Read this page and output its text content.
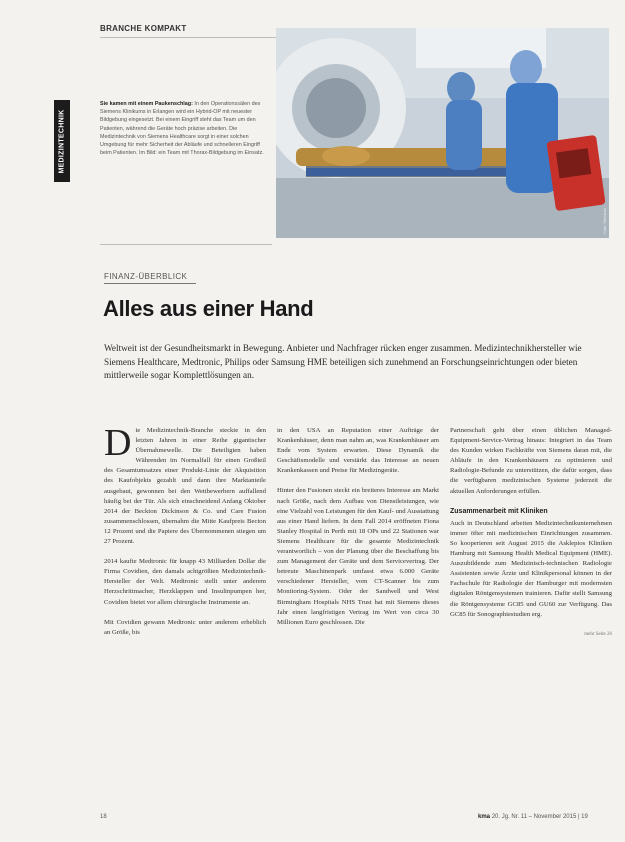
BRANCHE KOMPAKT
MEDIZINTECHNIK
Sie kamen mit einem Paukenschlag: In den Operationssälen des Siemens Klinikums in Erlangen wird ein Hybrid-OP mit neuester Bildgebung eingesetzt. Bei einem Eingriff steht das Team um den Patienten, während die Geräte hoch präzise arbeiten. Die Medizintechnik von Siemens Healthcare sorgt in einer solchen Umgebung für mehr Sicherheit der Abläufe und schnelleren Eingriff beim Patienten. Im Bild: ein Team mit Thorax-Bildgebung im Einsatz.
Foto: Siemens
FINANZ-ÜBERBLICK
Alles aus einer Hand
Weltweit ist der Gesundheitsmarkt in Bewegung. Anbieter und Nachfrager rücken enger zusammen. Medizintechnikhersteller wie Siemens Healthcare, Medtronic, Philips oder Samsung HME beteiligen sich zunehmend an Forschungseinrichtungen oder bieten mittlerweile sogar Komplettlösungen an.

Die Medizintechnik-Branche steckte in den letzten Jahren in einer Reihe gigantischer Übernahmewelle. Die Beteiligten haben Währenden im Normalfall für einen Großteil des Gesamtumsatzes einer Produkt-Linie der Akquisition des Kaufobjekts gezahlt und dann ihre Marktanteile ausgebaut, gewonnen bei den Wettbewerbern auffallend häufig bei der Tür. Als sich einschneidend Anfang Oktober 2014 der Beckton Dickinson & Co. und Care Fusion zusammenschlossen, übernahm die Mitte Kaufpreis Becton 12 Prozent und die Papiere des Übernommenen stiegen um 27 Prozent.

2014 kaufte Medtronic für knapp 43 Milliarden Dollar die Firma Covidien, den damals achtgrößten Medizintechnik-Hersteller der Welt. Medtronic stellt unter anderem Herzschrittmacher, Herzklappen und Insulinpumpen her, Covidien bietet vor allem chirurgische Instrumente an.

Mit Covidien gewann Medtronic unter anderem erheblich an Größe, bis

in den USA an Reputation einer Aufträge der Krankenhäuser, denn man nahm an, was Krankenhäuser am Ende vom System erwarten. Diese Dynamik die Geschäftsmodelle und verstärkt das Interesse an neuen Krankenkassen und Preise für Medizingeräte.

Hinter den Fusionen steckt ein breiteres Interesse am Markt nach Größe, nach dem Aufbau von Dienstleistungen, wie eine Vielzahl von Leistungen für den Kauf- und Ausstattung aus einer Hand liefern. In dem Fall 2014 eröffneten Fiona Stanley Hospital in Perth mit 18 OPs und 22 Stationen war Siemens Healthcare für die gesamte Medizintechnik verantwortlich – von der Planung über die Beschaffung bis zum Management der Geräte und dem Servicevertrag. Der betreute Maschinenpark umfasst etwa 6.000 Geräte verschiedener Hersteller, vom CT-Scanner bis zum Monitoring-System. Oder der Sandwell und West Birmingham Hospitals NHS Trust hat mit Siemens dieses Jahr einen langfristigen Vertrag im Wert von circa 30 Millionen Euro geschlossen. Die

Partnerschaft geht über einen üblichen Managed-Equipment-Service-Vertrag hinaus: Integriert in das Team des Kunden wirken Fachkräfte von Siemens daran mit, die Abläufe in den Krankenhäusern zu optimieren und Radiologie-Befunde zu unterstützen, die dafür sorgen, dass die verfügbaren medizinischen Systeme jederzeit die aktuellen Anforderungen erfüllen.

Zusammenarbeit mit Kliniken

Auch in Deutschland arbeiten Medizintechnikunternehmen immer öfter mit medizinischen Einrichtungen zusammen. So kooperieren seit August 2015 die Asklepios Kliniken Hamburg mit Samsung Health Medical Equipment (HME). Auszubildende zum Medizinisch-technischen Radiologie Assistenten sowie Ärzte und Klinikpersonal können in der Fachschule für Radiologie der Hamburger mit modernsten digitalen Röntgensystemen trainieren. Dafür stellt Samsung die Röntgensysteme GC85 und GU60 zur Verfügung. Das GC85 für Sonographiestudien erg.

mehr Seite 26
18	kma 20. Jg. Nr. 11 – November 2015 | 19
